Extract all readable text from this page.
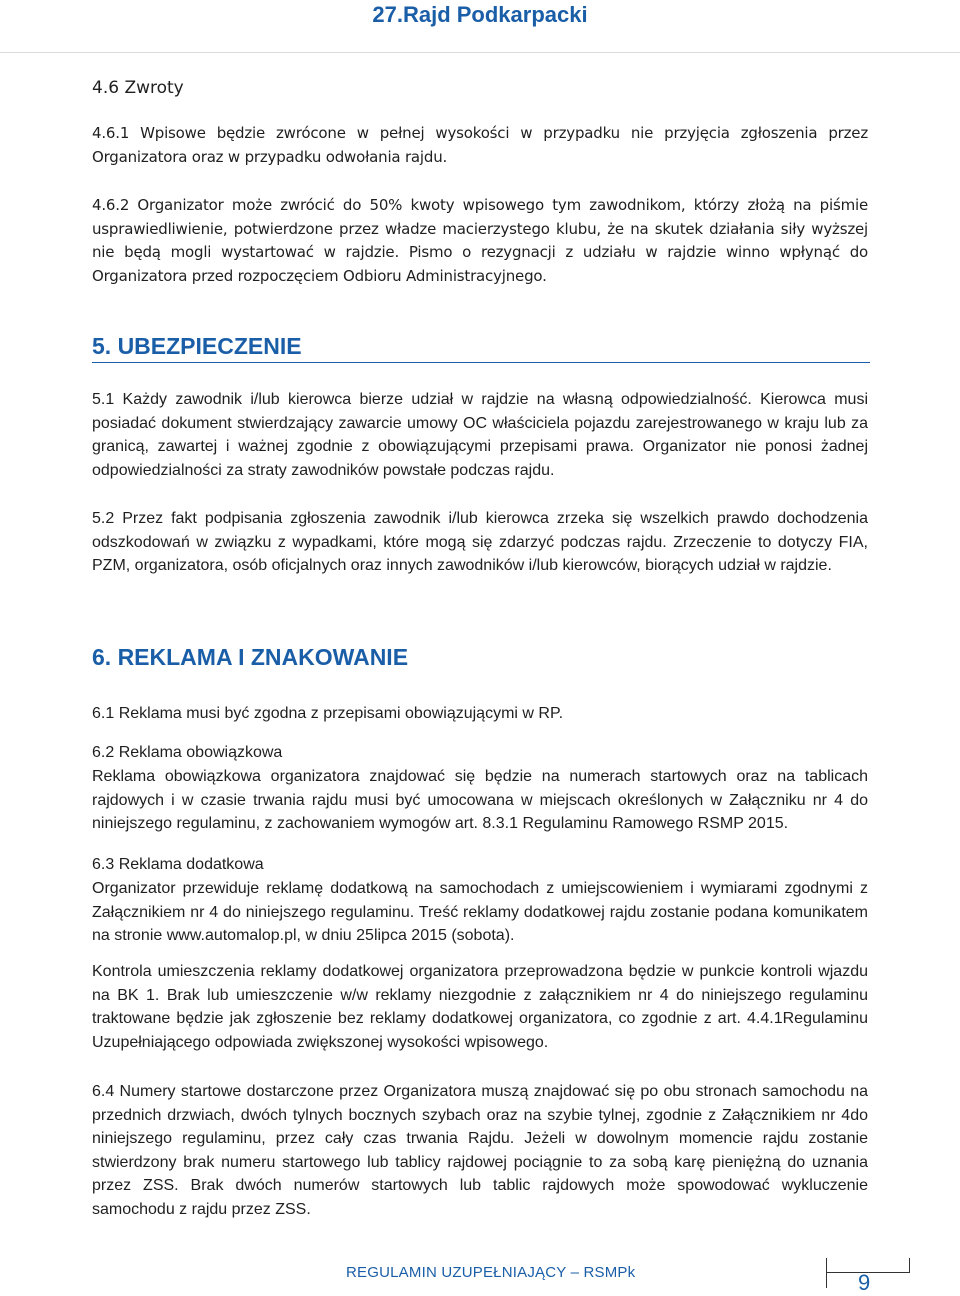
27.Rajd Podkarpacki
4.6 Zwroty

4.6.1 Wpisowe będzie zwrócone w pełnej wysokości w przypadku nie przyjęcia zgłoszenia przez Organizatora oraz w przypadku odwołania rajdu.

4.6.2 Organizator może zwrócić do 50% kwoty wpisowego tym zawodnikom, którzy złożą na piśmie usprawiedliwienie, potwierdzone przez władze macierzystego klubu, że na skutek działania siły wyższej nie będą mogli wystartować w rajdzie. Pismo o rezygnacji z udziału w rajdzie winno wpłynąć do Organizatora przed rozpoczęciem Odbioru Administracyjnego.

5. UBEZPIECZENIE

5.1 Każdy zawodnik i/lub kierowca bierze udział w rajdzie na własną odpowiedzialność. Kierowca musi posiadać dokument stwierdzający zawarcie umowy OC właściciela pojazdu zarejestrowanego w kraju lub za granicą, zawartej i ważnej zgodnie z obowiązującymi przepisami prawa. Organizator nie ponosi żadnej odpowiedzialności za straty zawodników powstałe podczas rajdu.

5.2 Przez fakt podpisania zgłoszenia zawodnik i/lub kierowca zrzeka się wszelkich prawdo dochodzenia odszkodowań w związku z wypadkami, które mogą się zdarzyć podczas rajdu. Zrzeczenie to dotyczy FIA, PZM, organizatora, osób oficjalnych oraz innych zawodników i/lub kierowców, biorących udział w rajdzie.

6. REKLAMA I ZNAKOWANIE

6.1 Reklama musi być zgodna z przepisami obowiązującymi w RP.

6.2 Reklama obowiązkowa

Reklama obowiązkowa organizatora znajdować się będzie na numerach startowych oraz na tablicach rajdowych i w czasie trwania rajdu musi być umocowana w miejscach określonych w Załączniku nr 4 do niniejszego regulaminu, z zachowaniem wymogów art. 8.3.1 Regulaminu Ramowego RSMP 2015.

6.3 Reklama dodatkowa

Organizator przewiduje reklamę dodatkową na samochodach z umiejscowieniem i wymiarami zgodnymi z Załącznikiem nr 4 do niniejszego regulaminu. Treść reklamy dodatkowej rajdu zostanie podana komunikatem na stronie www.automalop.pl, w dniu 25lipca 2015 (sobota).

Kontrola umieszczenia reklamy dodatkowej organizatora przeprowadzona będzie w punkcie kontroli wjazdu na BK 1. Brak lub umieszczenie w/w reklamy niezgodnie z załącznikiem nr 4 do niniejszego regulaminu traktowane będzie jak zgłoszenie bez reklamy dodatkowej organizatora, co zgodnie z art. 4.4.1Regulaminu Uzupełniającego odpowiada zwiększonej wysokości wpisowego.

6.4 Numery startowe dostarczone przez Organizatora muszą znajdować się po obu stronach samochodu na przednich drzwiach, dwóch tylnych bocznych szybach oraz na szybie tylnej, zgodnie z Załącznikiem nr 4do niniejszego regulaminu, przez cały czas trwania Rajdu. Jeżeli w dowolnym momencie rajdu zostanie stwierdzony brak numeru startowego lub tablicy rajdowej pociągnie to za sobą karę pieniężną do uznania przez ZSS. Brak dwóch numerów startowych lub tablic rajdowych może spowodować wykluczenie samochodu z rajdu przez ZSS.

REGULAMIN UZUPEŁNIAJĄCY – RSMPk	9
